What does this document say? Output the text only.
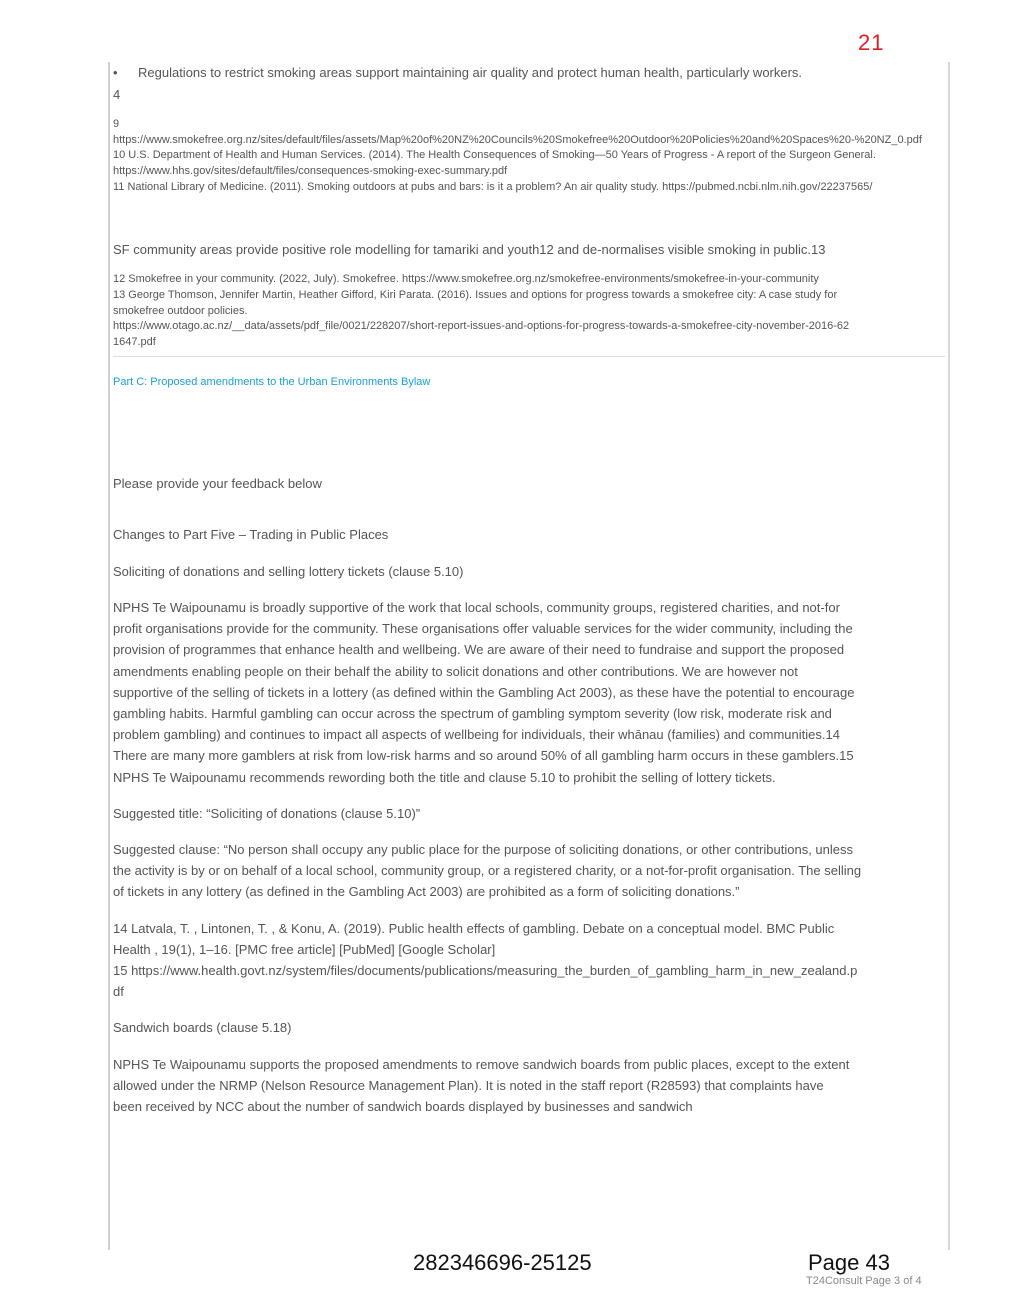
21
•	Regulations to restrict smoking areas support maintaining air quality and protect human health, particularly workers.

4

9

https://www.smokefree.org.nz/sites/default/files/assets/Map%20of%20NZ%20Councils%20Smokefree%20Outdoor%20Policies%20and%20Spaces%20-%20NZ_0.pdf

10 U.S. Department of Health and Human Services. (2014). The Health Consequences of Smoking—50 Years of Progress - A report of the Surgeon General. https://www.hhs.gov/sites/default/files/consequences-smoking-exec-summary.pdf

11 National Library of Medicine. (2011). Smoking outdoors at pubs and bars: is it a problem? An air quality study. https://pubmed.ncbi.nlm.nih.gov/22237565/

SF community areas provide positive role modelling for tamariki and youth12 and de-normalises visible smoking in public.13

12 Smokefree in your community. (2022, July). Smokefree. https://www.smokefree.org.nz/smokefree-environments/smokefree-in-your-community

13 George Thomson, Jennifer Martin, Heather Gifford, Kiri Parata. (2016). Issues and options for progress towards a smokefree city: A case study for smokefree outdoor policies.

https://www.otago.ac.nz/__data/assets/pdf_file/0021/228207/short-report-issues-and-options-for-progress-towards-a-smokefree-city-november-2016-621647.pdf

Part C: Proposed amendments to the Urban Environments Bylaw

Please provide your feedback below

Changes to Part Five – Trading in Public Places

Soliciting of donations and selling lottery tickets (clause 5.10)

NPHS Te Waipounamu is broadly supportive of the work that local schools, community groups, registered charities, and not-for profit organisations provide for the community. These organisations offer valuable services for the wider community, including the provision of programmes that enhance health and wellbeing. We are aware of their need to fundraise and support the proposed amendments enabling people on their behalf the ability to solicit donations and other contributions. We are however not supportive of the selling of tickets in a lottery (as defined within the Gambling Act 2003), as these have the potential to encourage gambling habits. Harmful gambling can occur across the spectrum of gambling symptom severity (low risk, moderate risk and problem gambling) and continues to impact all aspects of wellbeing for individuals, their whānau (families) and communities.14 There are many more gamblers at risk from low-risk harms and so around 50% of all gambling harm occurs in these gamblers.15 NPHS Te Waipounamu recommends rewording both the title and clause 5.10 to prohibit the selling of lottery tickets.

Suggested title: “Soliciting of donations (clause 5.10)”

Suggested clause: “No person shall occupy any public place for the purpose of soliciting donations, or other contributions, unless the activity is by or on behalf of a local school, community group, or a registered charity, or a not-for-profit organisation. The selling of tickets in any lottery (as defined in the Gambling Act 2003) are prohibited as a form of soliciting donations.”

14 Latvala, T. , Lintonen, T. , & Konu, A. (2019). Public health effects of gambling. Debate on a conceptual model. BMC Public Health , 19(1), 1–16. [PMC free article] [PubMed] [Google Scholar]

15 https://www.health.govt.nz/system/files/documents/publications/measuring_the_burden_of_gambling_harm_in_new_zealand.pdf

Sandwich boards (clause 5.18)

NPHS Te Waipounamu supports the proposed amendments to remove sandwich boards from public places, except to the extent allowed under the NRMP (Nelson Resource Management Plan). It is noted in the staff report (R28593) that complaints have been received by NCC about the number of sandwich boards displayed by businesses and sandwich

282346696-25125	Page 43
T24Consult Page 3 of 4
